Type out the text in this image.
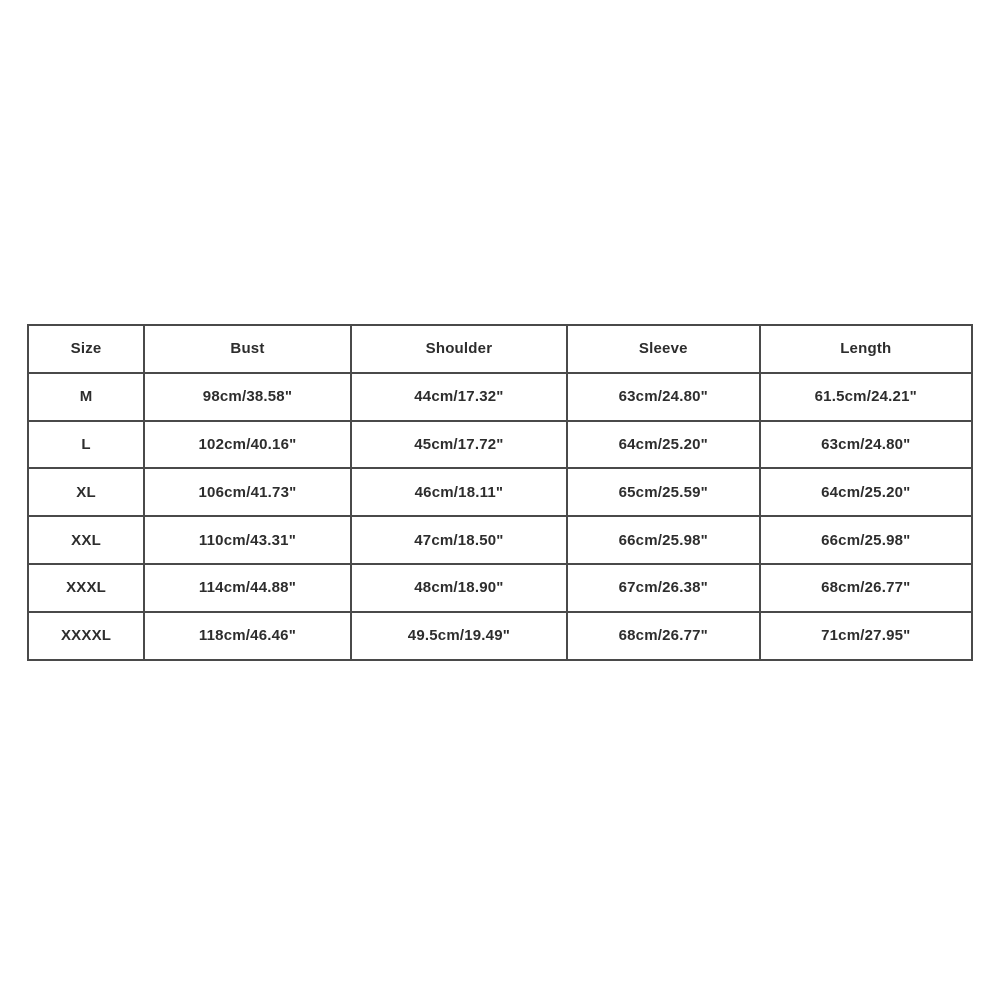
Size	Bust	Shoulder	Sleeve	Length
M	98cm/38.58"	44cm/17.32"	63cm/24.80"	61.5cm/24.21"
L	102cm/40.16"	45cm/17.72"	64cm/25.20"	63cm/24.80"
XL	106cm/41.73"	46cm/18.11"	65cm/25.59"	64cm/25.20"
XXL	110cm/43.31"	47cm/18.50"	66cm/25.98"	66cm/25.98"
XXXL	114cm/44.88"	48cm/18.90"	67cm/26.38"	68cm/26.77"
XXXXL	118cm/46.46"	49.5cm/19.49"	68cm/26.77"	71cm/27.95"
